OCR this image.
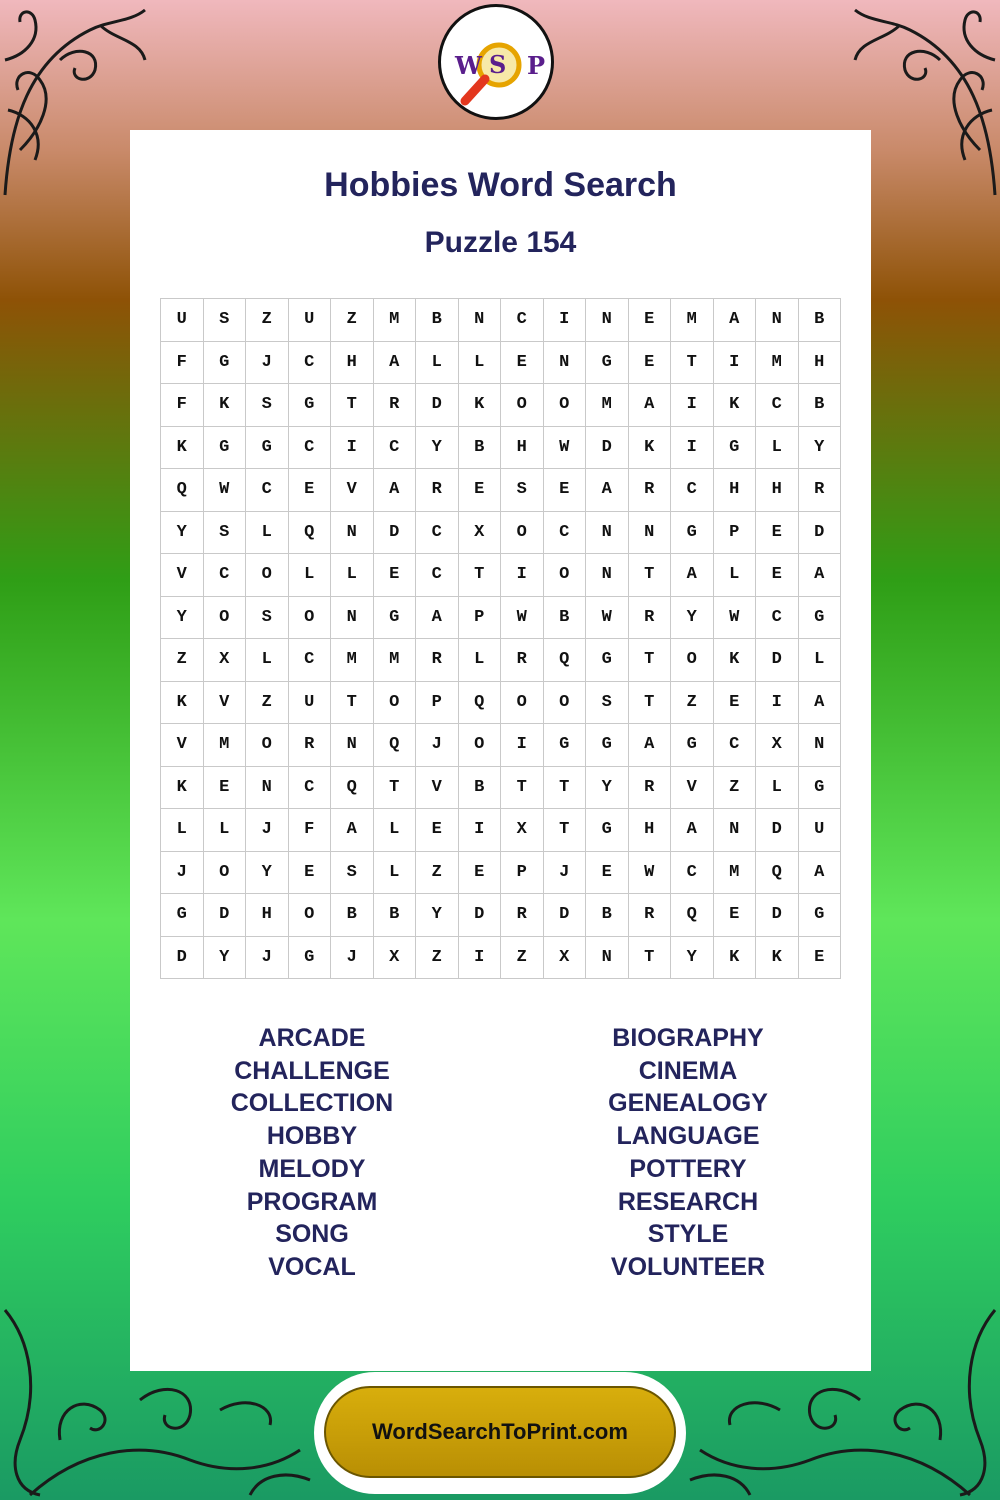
W S P
Hobbies Word Search
Puzzle 154
U	S	Z	U	Z	M	B	N	C	I	N	E	M	A	N	B
F	G	J	C	H	A	L	L	E	N	G	E	T	I	M	H
F	K	S	G	T	R	D	K	O	O	M	A	I	K	C	B
K	G	G	C	I	C	Y	B	H	W	D	K	I	G	L	Y
Q	W	C	E	V	A	R	E	S	E	A	R	C	H	H	R
Y	S	L	Q	N	D	C	X	O	C	N	N	G	P	E	D
V	C	O	L	L	E	C	T	I	O	N	T	A	L	E	A
Y	O	S	O	N	G	A	P	W	B	W	R	Y	W	C	G
Z	X	L	C	M	M	R	L	R	Q	G	T	O	K	D	L
K	V	Z	U	T	O	P	Q	O	O	S	T	Z	E	I	A
V	M	O	R	N	Q	J	O	I	G	G	A	G	C	X	N
K	E	N	C	Q	T	V	B	T	T	Y	R	V	Z	L	G
L	L	J	F	A	L	E	I	X	T	G	H	A	N	D	U
J	O	Y	E	S	L	Z	E	P	J	E	W	C	M	Q	A
G	D	H	O	B	B	Y	D	R	D	B	R	Q	E	D	G
D	Y	J	G	J	X	Z	I	Z	X	N	T	Y	K	K	E
ARCADE
CHALLENGE
COLLECTION
HOBBY
MELODY
PROGRAM
SONG
VOCAL
BIOGRAPHY
CINEMA
GENEALOGY
LANGUAGE
POTTERY
RESEARCH
STYLE
VOLUNTEER
WordSearchToPrint.com
